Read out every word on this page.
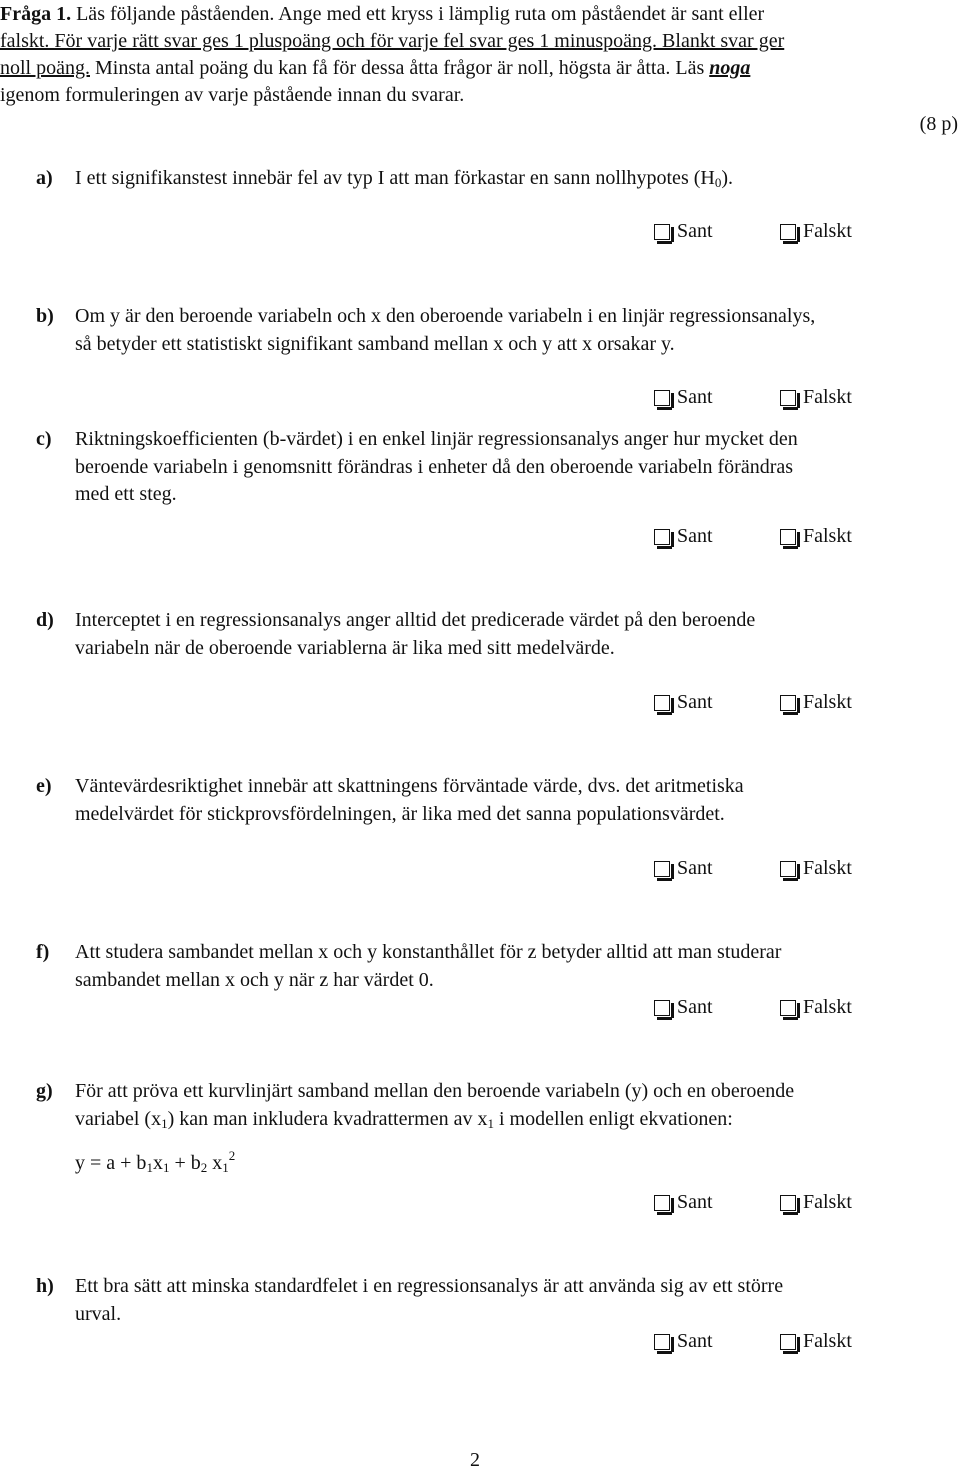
Fråga 1. Läs följande påståenden. Ange med ett kryss i lämplig ruta om påståendet är sant eller
falskt. För varje rätt svar ges 1 pluspoäng och för varje fel svar ges 1 minuspoäng. Blankt svar ger
noll poäng. Minsta antal poäng du kan få för dessa åtta frågor är noll, högsta är åtta. Läs noga
igenom formuleringen av varje påstående innan du svarar.
(8 p)
a) I ett signifikanstest innebär fel av typ I att man förkastar en sann nollhypotes $(H_0)$.
Sant	Falskt
b) Om y är den beroende variabeln och x den oberoende variabeln i en linjär regressionsanalys,
så betyder ett statistiskt signifikant samband mellan x och y att x orsakar y.
Sant	Falskt
c) Riktningskoefficienten (b-värdet) i en enkel linjär regressionsanalys anger hur mycket den
beroende variabeln i genomsnitt förändras i enheter då den oberoende variabeln förändras
med ett steg.
Sant	Falskt
d) Interceptet i en regressionsanalys anger alltid det predicerade värdet på den beroende
variabeln när de oberoende variablerna är lika med sitt medelvärde.
Sant	Falskt
e) Väntevärdesriktighet innebär att skattningens förväntade värde, dvs. det aritmetiska
medelvärdet för stickprovsfördelningen, är lika med det sanna populationsvärdet.
Sant	Falskt
f) Att studera sambandet mellan x och y konstanthållet för z betyder alltid att man studerar
sambandet mellan x och y när z har värdet 0.
Sant	Falskt
g) För att pröva ett kurvlinjärt samband mellan den beroende variabeln (y) och en oberoende
variabel $(x_1)$ kan man inkludera kvadrattermen av $x_1$ i modellen enligt ekvationen:
$y = a + b_1x_1 + b_2$ $x_1^2$
Sant	Falskt
h) Ett bra sätt att minska standardfelet i en regressionsanalys är att använda sig av ett större
urval.
Sant	Falskt
2
